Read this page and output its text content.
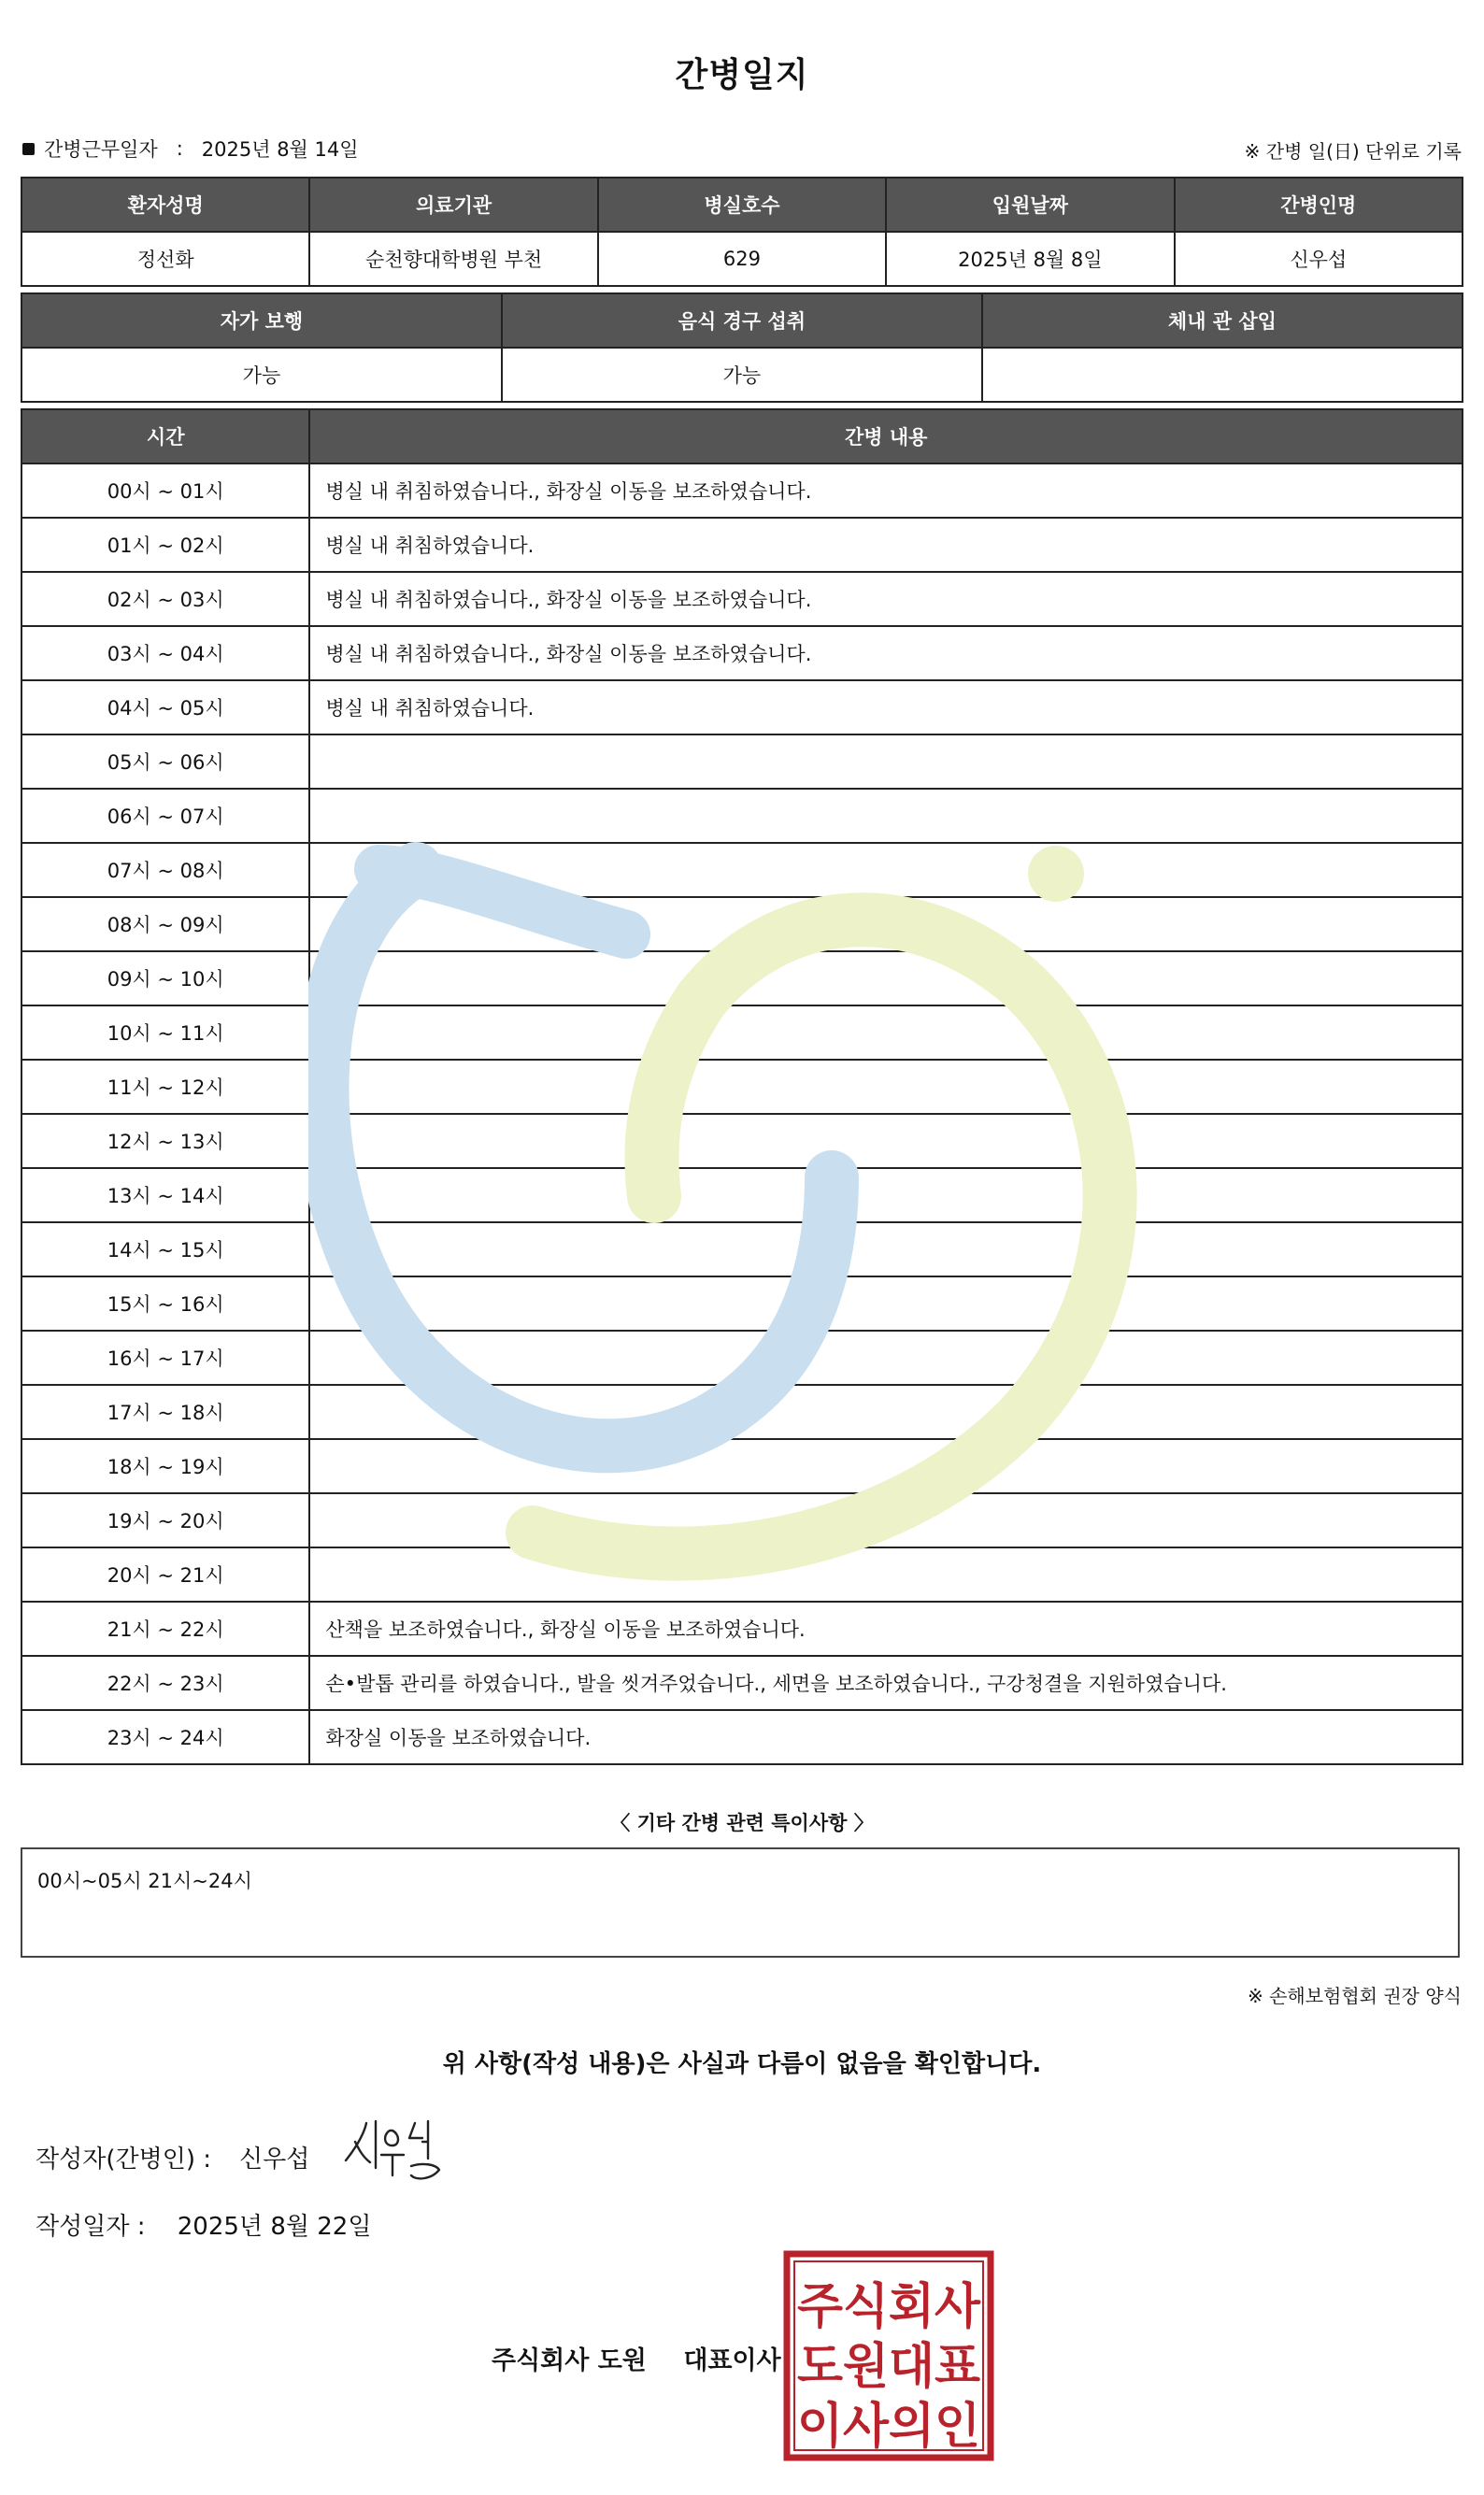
간병일지
간병근무일자 : 2025년 8월 14일	※ 간병 일(日) 단위로 기록
환자성명	의료기관	병실호수	입원날짜	간병인명
정선화	순천향대학병원 부천	629	2025년 8월 8일	신우섭
자가 보행	음식 경구 섭취	체내 관 삽입
가능	가능	
시간	간병 내용
00시 ~ 01시	병실 내 취침하였습니다., 화장실 이동을 보조하였습니다.
01시 ~ 02시	병실 내 취침하였습니다.
02시 ~ 03시	병실 내 취침하였습니다., 화장실 이동을 보조하였습니다.
03시 ~ 04시	병실 내 취침하였습니다., 화장실 이동을 보조하였습니다.
04시 ~ 05시	병실 내 취침하였습니다.
05시 ~ 06시	
06시 ~ 07시	
07시 ~ 08시	
08시 ~ 09시	
09시 ~ 10시	
10시 ~ 11시	
11시 ~ 12시	
12시 ~ 13시	
13시 ~ 14시	
14시 ~ 15시	
15시 ~ 16시	
16시 ~ 17시	
17시 ~ 18시	
18시 ~ 19시	
19시 ~ 20시	
20시 ~ 21시	
21시 ~ 22시	산책을 보조하였습니다., 화장실 이동을 보조하였습니다.
22시 ~ 23시	손•발톱 관리를 하였습니다., 발을 씻겨주었습니다., 세면을 보조하였습니다., 구강청결을 지원하였습니다.
23시 ~ 24시	화장실 이동을 보조하였습니다.
〈 기타 간병 관련 특이사항 〉
00시~05시 21시~24시
※ 손해보험협회 권장 양식
위 사항(작성 내용)은 사실과 다름이 없음을 확인합니다.
작성자(간병인) : 신우섭
작성일자 : 2025년 8월 22일
주식회사 도원 대표이사
주식회사
도원대표
이사의인
